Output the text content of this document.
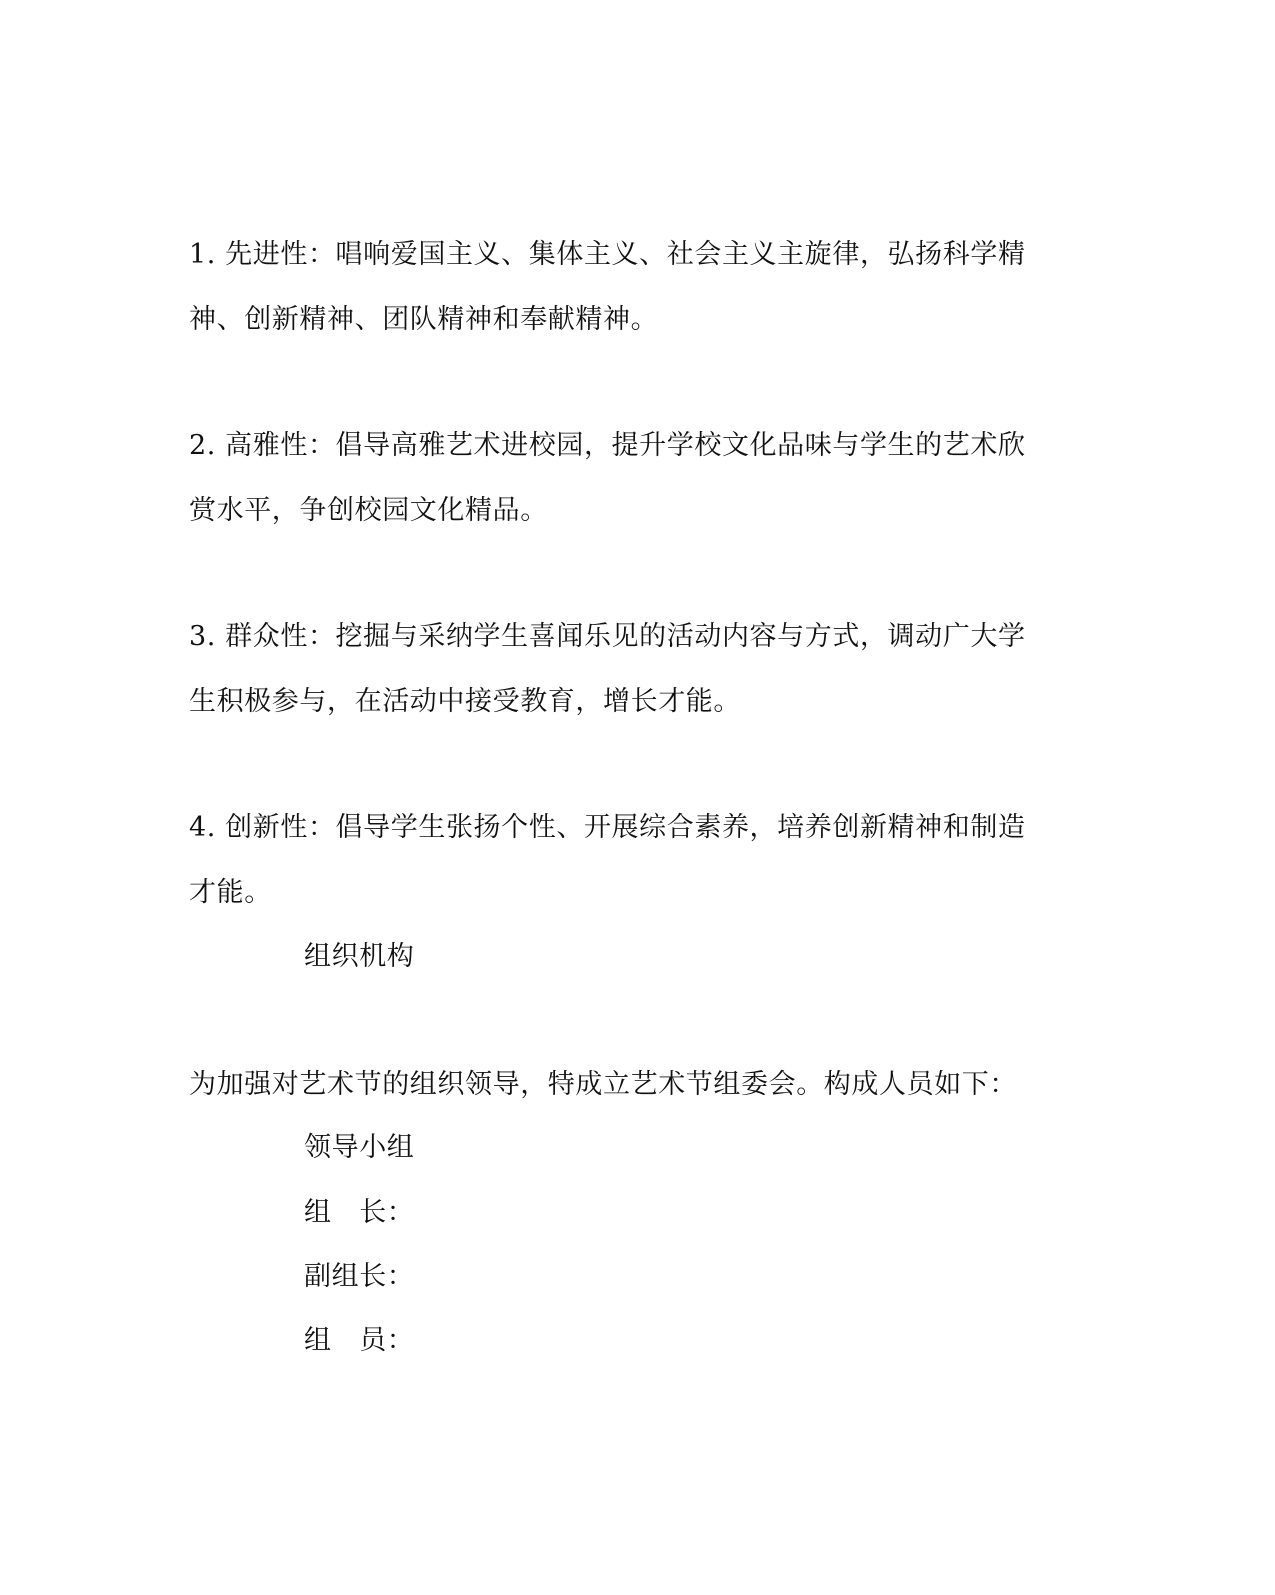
1. 先进性：唱响爱国主义、集体主义、社会主义主旋律，弘扬科学精
神、创新精神、团队精神和奉献精神。
2. 高雅性：倡导高雅艺术进校园，提升学校文化品味与学生的艺术欣
赏水平，争创校园文化精品。
3. 群众性：挖掘与采纳学生喜闻乐见的活动内容与方式，调动广大学
生积极参与，在活动中接受教育，增长才能。
4. 创新性：倡导学生张扬个性、开展综合素养，培养创新精神和制造
才能。
组织机构
为加强对艺术节的组织领导，特成立艺术节组委会。构成人员如下：
领导小组
组　长：
副组长：
组　员：
